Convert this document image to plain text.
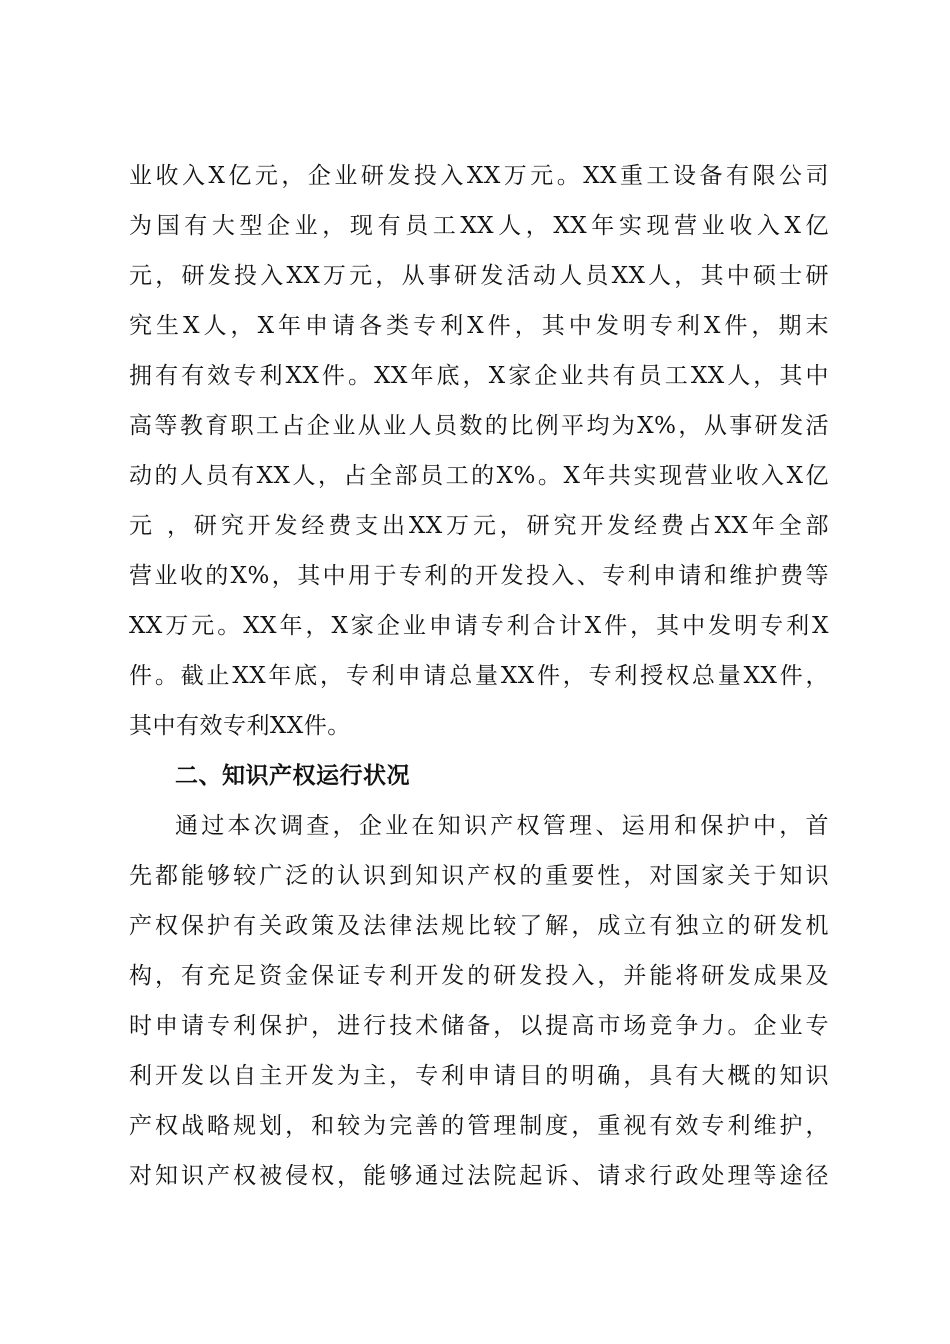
业收入X亿元，企业研发投入XX万元。XX重工设备有限公司
为国有大型企业，现有员工XX人，XX年实现营业收入X亿
元，研发投入XX万元，从事研发活动人员XX人，其中硕士研
究生X人，X年申请各类专利X件，其中发明专利X件，期末
拥有有效专利XX件。XX年底，X家企业共有员工XX人，其中
高等教育职工占企业从业人员数的比例平均为X%，从事研发活
动的人员有XX人，占全部员工的X%。X年共实现营业收入X亿
元 ，研究开发经费支出XX万元，研究开发经费占XX年全部
营业收的X%，其中用于专利的开发投入、专利申请和维护费等
XX万元。XX年，X家企业申请专利合计X件，其中发明专利X
件。截止XX年底，专利申请总量XX件，专利授权总量XX件，
其中有效专利XX件。
二、知识产权运行状况
通过本次调查，企业在知识产权管理、运用和保护中，首
先都能够较广泛的认识到知识产权的重要性，对国家关于知识
产权保护有关政策及法律法规比较了解，成立有独立的研发机
构，有充足资金保证专利开发的研发投入，并能将研发成果及
时申请专利保护，进行技术储备，以提高市场竞争力。企业专
利开发以自主开发为主，专利申请目的明确，具有大概的知识
产权战略规划，和较为完善的管理制度，重视有效专利维护，
对知识产权被侵权，能够通过法院起诉、请求行政处理等途径
